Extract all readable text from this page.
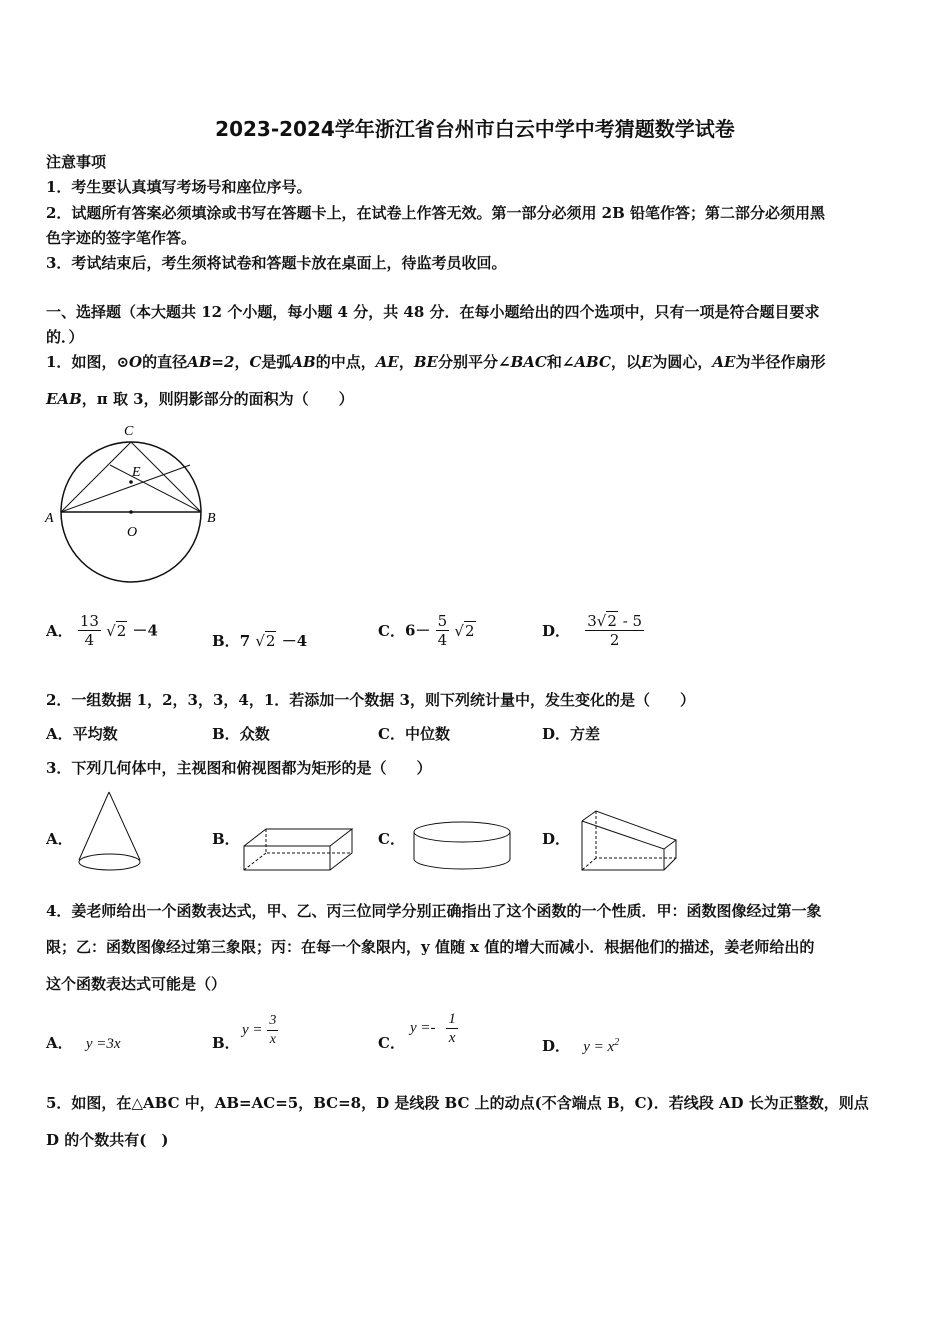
2023-2024学年浙江省台州市白云中学中考猜题数学试卷
注意事项
1．考生要认真填写考场号和座位序号。
2．试题所有答案必须填涂或书写在答题卡上，在试卷上作答无效。第一部分必须用 2B 铅笔作答；第二部分必须用黑
色字迹的签字笔作答。
3．考试结束后，考生须将试卷和答题卡放在桌面上，待监考员收回。
一、选择题（本大题共 12 个小题，每小题 4 分，共 48 分．在每小题给出的四个选项中，只有一项是符合题目要求
的．）
1．如图，⊙O的直径AB=2，C是弧AB的中点，AE，BE分别平分∠BAC和∠ABC，以E为圆心，AE为半径作扇形
EAB，π 取 3，则阴影部分的面积为（　　）
C
E
A	B
O
A． $\frac{13}{4} √2 -4$
B．7 √2 －4
C．$6- \frac{5}{4} √2$	D． $\frac{3√2 - 5}{2}$
2．一组数据 1，2，3，3，4，1．若添加一个数据 3，则下列统计量中，发生变化的是（　　）
A．平均数	B．众数	C．中位数	D．方差
3．下列几何体中，主视图和俯视图都为矩形的是（　　）
A．	B．	C．	D．
4．姜老师给出一个函数表达式，甲、乙、丙三位同学分别正确指出了这个函数的一个性质．甲：函数图像经过第一象
限；乙：函数图像经过第三象限；丙：在每一个象限内，y 值随 x 值的增大而减小．根据他们的描述，姜老师给出的
这个函数表达式可能是（）
A． y =3x	B．
$y = \frac{3}{x}$	C．
$y =- \frac{1}{x}$	D． $y = x^2$
5．如图，在△ABC 中，AB=AC=5，BC=8，D 是线段 BC 上的动点(不含端点 B，C)．若线段 AD 长为正整数，则点
D 的个数共有(　)
